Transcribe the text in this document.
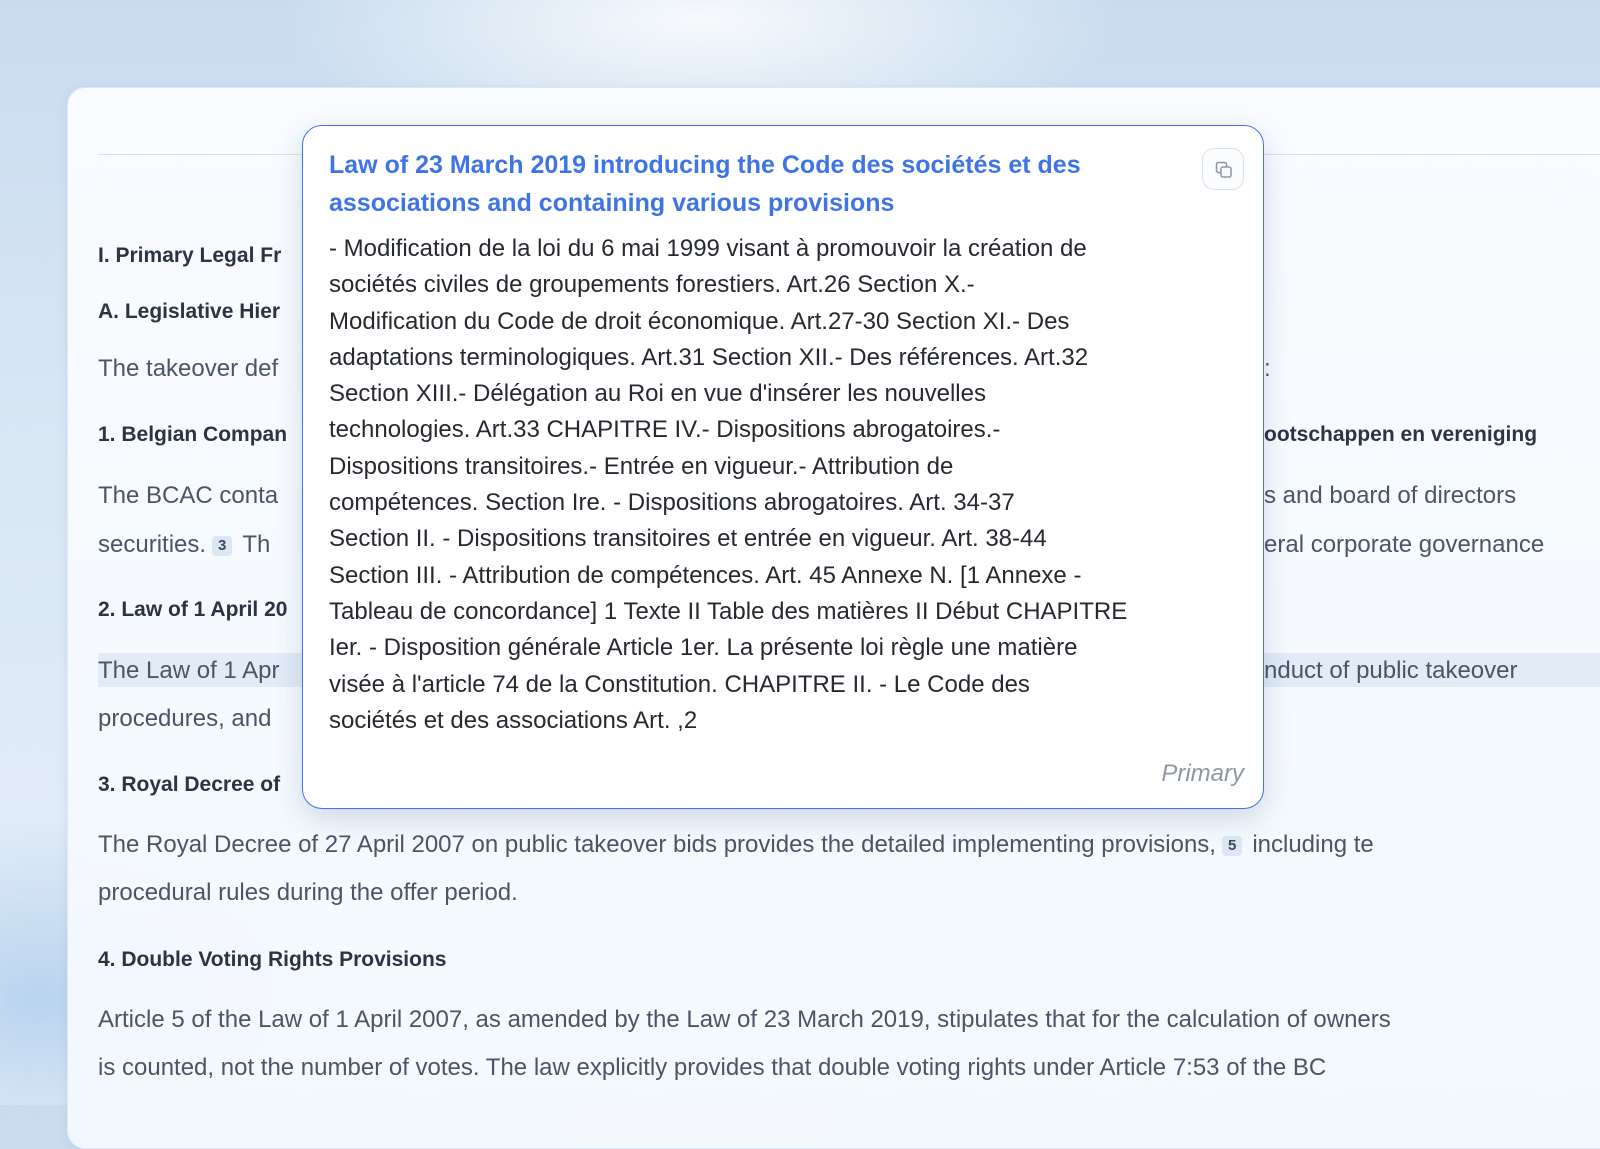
I. Primary Legal Fr
A. Legislative Hier
The takeover def	:
1. Belgian Compan	ootschappen en vereniging
The BCAC conta	s and board of directors
securities. 3 Th	eral corporate governance
2. Law of 1 April 20
The Law of 1 Apr	nduct of public takeover
procedures, and
3. Royal Decree of
The Royal Decree of 27 April 2007 on public takeover bids provides the detailed implementing provisions, 5 including te
procedural rules during the offer period.
4. Double Voting Rights Provisions
Article 5 of the Law of 1 April 2007, as amended by the Law of 23 March 2019, stipulates that for the calculation of owners
is counted, not the number of votes. The law explicitly provides that double voting rights under Article 7:53 of the BC
Law of 23 March 2019 introducing the Code des sociétés et des associations and containing various provisions
- Modification de la loi du 6 mai 1999 visant à promouvoir la création de
sociétés civiles de groupements forestiers. Art.26 Section X.-
Modification du Code de droit économique. Art.27-30 Section XI.- Des
adaptations terminologiques. Art.31 Section XII.- Des références. Art.32
Section XIII.- Délégation au Roi en vue d'insérer les nouvelles
technologies. Art.33 CHAPITRE IV.- Dispositions abrogatoires.-
Dispositions transitoires.- Entrée en vigueur.- Attribution de
compétences. Section Ire. - Dispositions abrogatoires. Art. 34-37
Section II. - Dispositions transitoires et entrée en vigueur. Art. 38-44
Section III. - Attribution de compétences. Art. 45 Annexe N. [1 Annexe -
Tableau de concordance] 1 Texte II Table des matières II Début CHAPITRE
Ier. - Disposition générale Article 1er. La présente loi règle une matière
visée à l'article 74 de la Constitution. CHAPITRE II. - Le Code des
sociétés et des associations Art. ,2
Primary
